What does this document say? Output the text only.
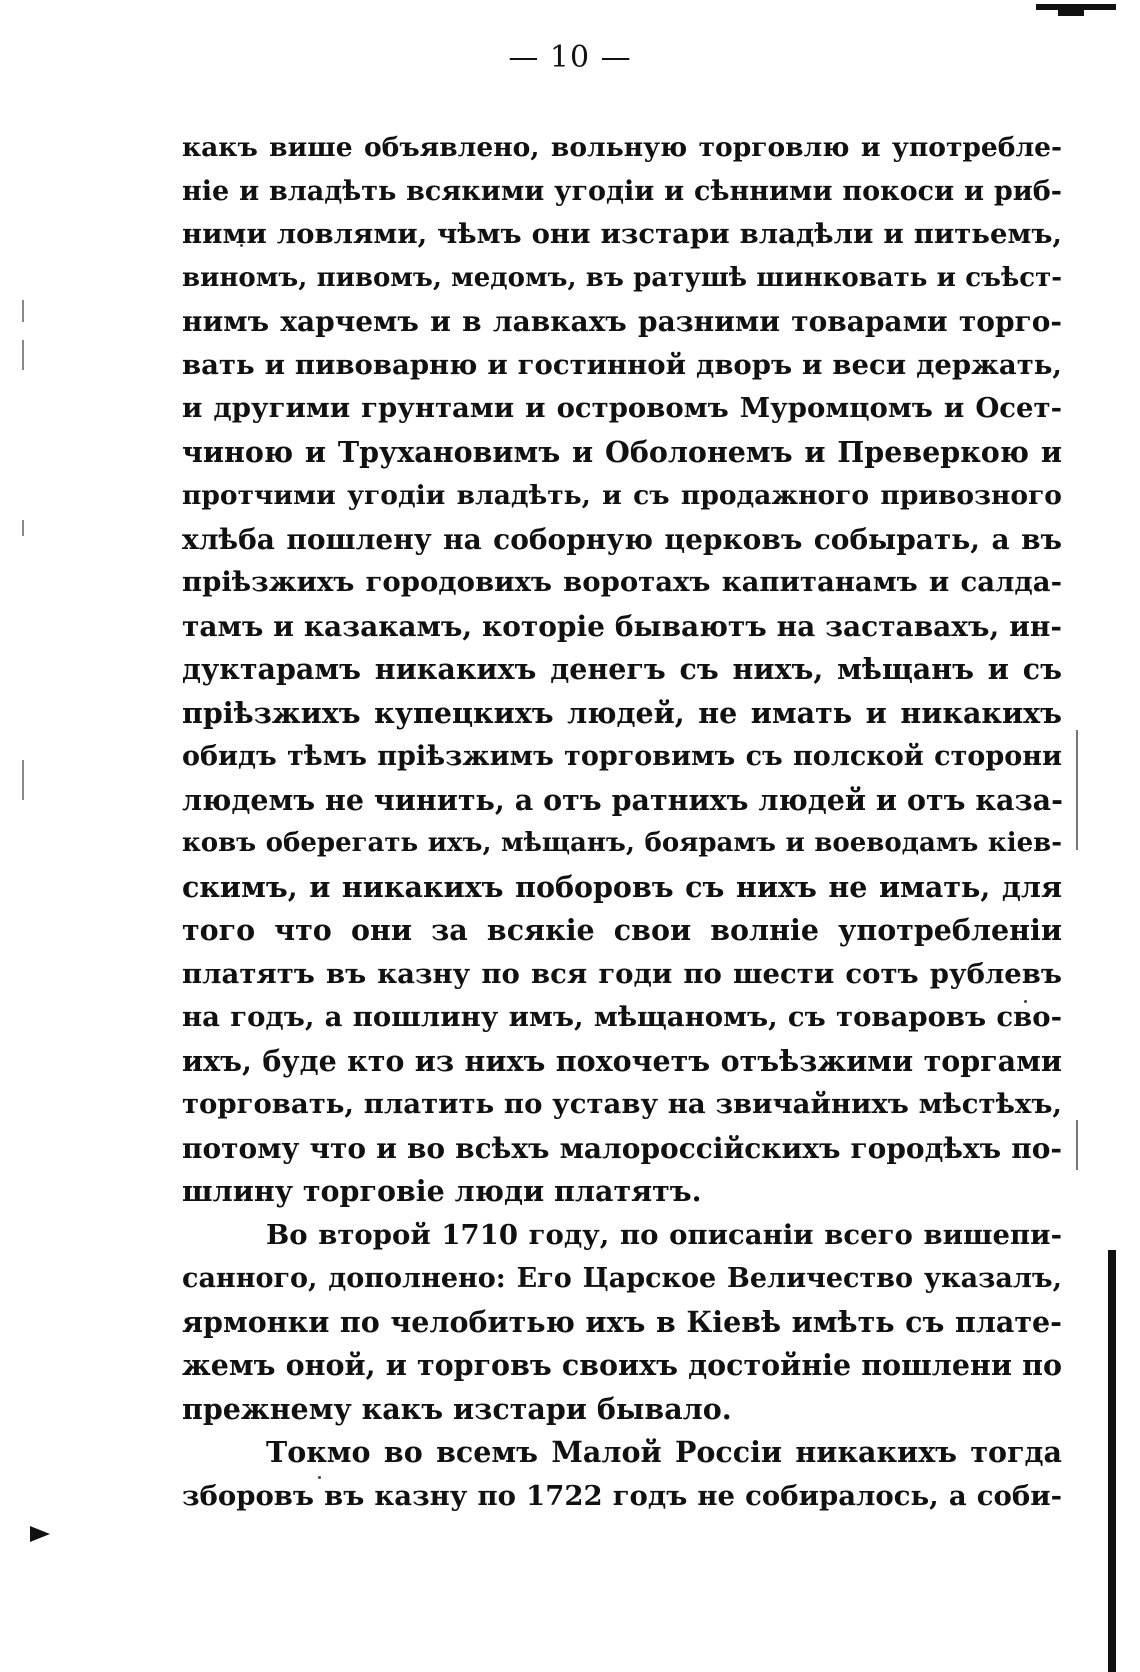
— 10 —
какъ више объявлено, вольную торговлю и употребле-
ніе и владѣть всякими угодіи и сѣнними покоси и риб-
ними ловлями, чѣмъ они изстари владѣли и питьемъ,
виномъ, пивомъ, медомъ, въ ратушѣ шинковать и съѣст-
нимъ харчемъ и в лавкахъ разними товарами торго-
вать и пивоварню и гостинной дворъ и веси держать,
и другими грунтами и островомъ Муромцомъ и Осет-
чиною и Трухановимъ и Оболонемъ и Преверкою и
протчими угодіи владѣть, и съ продажного привозного
хлѣба пошлену на соборную церковъ собырать, а въ
пріѣзжихъ городовихъ воротахъ капитанамъ и салда-
тамъ и казакамъ, которіе бываютъ на заставахъ, ин-
дуктарамъ никакихъ денегъ съ нихъ, мѣщанъ и съ
пріѣзжихъ купецкихъ людей, не имать и никакихъ
обидъ тѣмъ пріѣзжимъ торговимъ съ полской сторони
людемъ не чинить, а отъ ратнихъ людей и отъ каза-
ковъ оберегать ихъ, мѣщанъ, боярамъ и воеводамъ кіев-
скимъ, и никакихъ поборовъ съ нихъ не имать, для
того что они за всякіе свои волніе употребленіи
платятъ въ казну по вся годи по шести сотъ рублевъ
на годъ, а пошлину имъ, мѣщаномъ, съ товаровъ сво-
ихъ, буде кто из нихъ похочетъ отъѣзжими торгами
торговать, платить по уставу на звичайнихъ мѣстѣхъ,
потому что и во всѣхъ малороссійскихъ городѣхъ по-
шлину торговіе люди платятъ.
Во второй 1710 году, по описаніи всего вишепи-
санного, дополнено: Его Царское Величество указалъ,
ярмонки по челобитью ихъ в Кіевѣ имѣть съ платe-
жемъ оной, и торговъ своихъ достойніе пошлени по
прежнему какъ изстари бывало.
Токмо во всемъ Малой Россіи никакихъ тогда
зборовъ въ казну по 1722 годъ не собиралось, а соби-
